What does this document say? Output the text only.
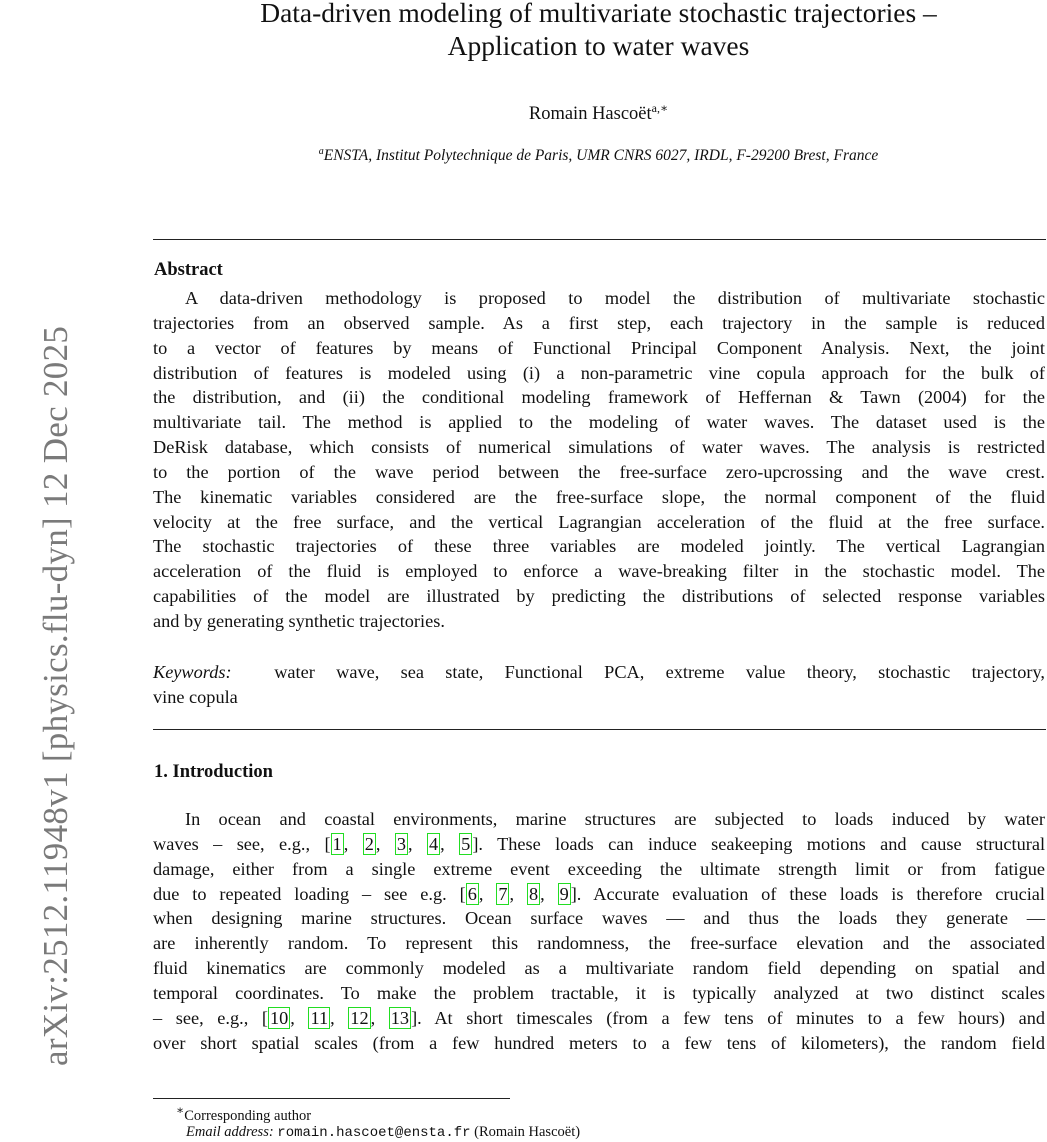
arXiv:2512.11948v1 [physics.flu-dyn] 12 Dec 2025
Data-driven modeling of multivariate stochastic trajectories –
Application to water waves
Romain Hascoët$^{a,∗}$
$^a$ENSTA, Institut Polytechnique de Paris, UMR CNRS 6027, IRDL, F-29200 Brest, France
Abstract
A data-driven methodology is proposed to model the distribution of multivariate stochastic
trajectories from an observed sample. As a first step, each trajectory in the sample is reduced
to a vector of features by means of Functional Principal Component Analysis. Next, the joint
distribution of features is modeled using (i) a non-parametric vine copula approach for the bulk of
the distribution, and (ii) the conditional modeling framework of Heffernan & Tawn (2004) for the
multivariate tail. The method is applied to the modeling of water waves. The dataset used is the
DeRisk database, which consists of numerical simulations of water waves. The analysis is restricted
to the portion of the wave period between the free-surface zero-upcrossing and the wave crest.
The kinematic variables considered are the free-surface slope, the normal component of the fluid
velocity at the free surface, and the vertical Lagrangian acceleration of the fluid at the free surface.
The stochastic trajectories of these three variables are modeled jointly. The vertical Lagrangian
acceleration of the fluid is employed to enforce a wave-breaking filter in the stochastic model. The
capabilities of the model are illustrated by predicting the distributions of selected response variables
and by generating synthetic trajectories.
Keywords: water wave, sea state, Functional PCA, extreme value theory, stochastic trajectory,
vine copula
1. Introduction
In ocean and coastal environments, marine structures are subjected to loads induced by water
waves – see, e.g., [ 1 , 2 , 3 , 4 , 5 ]. These loads can induce seakeeping motions and cause structural
damage, either from a single extreme event exceeding the ultimate strength limit or from fatigue
due to repeated loading – see e.g. [ 6 , 7 , 8 , 9 ]. Accurate evaluation of these loads is therefore crucial
when designing marine structures. Ocean surface waves — and thus the loads they generate —
are inherently random. To represent this randomness, the free-surface elevation and the associated
fluid kinematics are commonly modeled as a multivariate random field depending on spatial and
temporal coordinates. To make the problem tractable, it is typically analyzed at two distinct scales
– see, e.g., [ 10 , 11 , 12 , 13 ]. At short timescales (from a few tens of minutes to a few hours) and
over short spatial scales (from a few hundred meters to a few tens of kilometers), the random field
∗Corresponding author
Email address: romain.hascoet@ensta.fr (Romain Hascoët)
